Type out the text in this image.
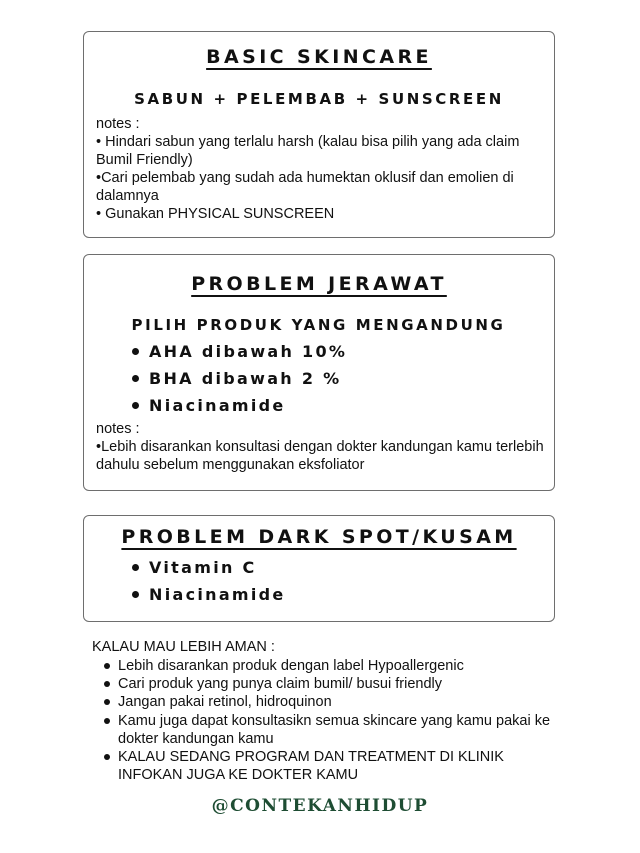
BASIC SKINCARE
SABUN + PELEMBAB + SUNSCREEN
notes :
• Hindari sabun yang terlalu harsh (kalau bisa pilih yang ada claim Bumil Friendly)
•Cari pelembab yang sudah ada humektan oklusif dan emolien di dalamnya
• Gunakan PHYSICAL SUNSCREEN
PROBLEM JERAWAT
PILIH PRODUK YANG MENGANDUNG
AHA dibawah 10%
BHA dibawah 2 %
Niacinamide
notes :
•Lebih disarankan konsultasi dengan dokter kandungan kamu terlebih dahulu sebelum menggunakan eksfoliator
PROBLEM DARK SPOT/KUSAM
Vitamin C
Niacinamide
KALAU MAU LEBIH AMAN :
Lebih disarankan produk dengan label Hypoallergenic
Cari produk yang punya claim bumil/ busui friendly
Jangan pakai retinol, hidroquinon
Kamu juga dapat konsultasikn semua skincare yang kamu pakai ke dokter kandungan kamu
KALAU SEDANG PROGRAM DAN TREATMENT DI KLINIK INFOKAN JUGA KE DOKTER KAMU
@CONTEKANHIDUP
